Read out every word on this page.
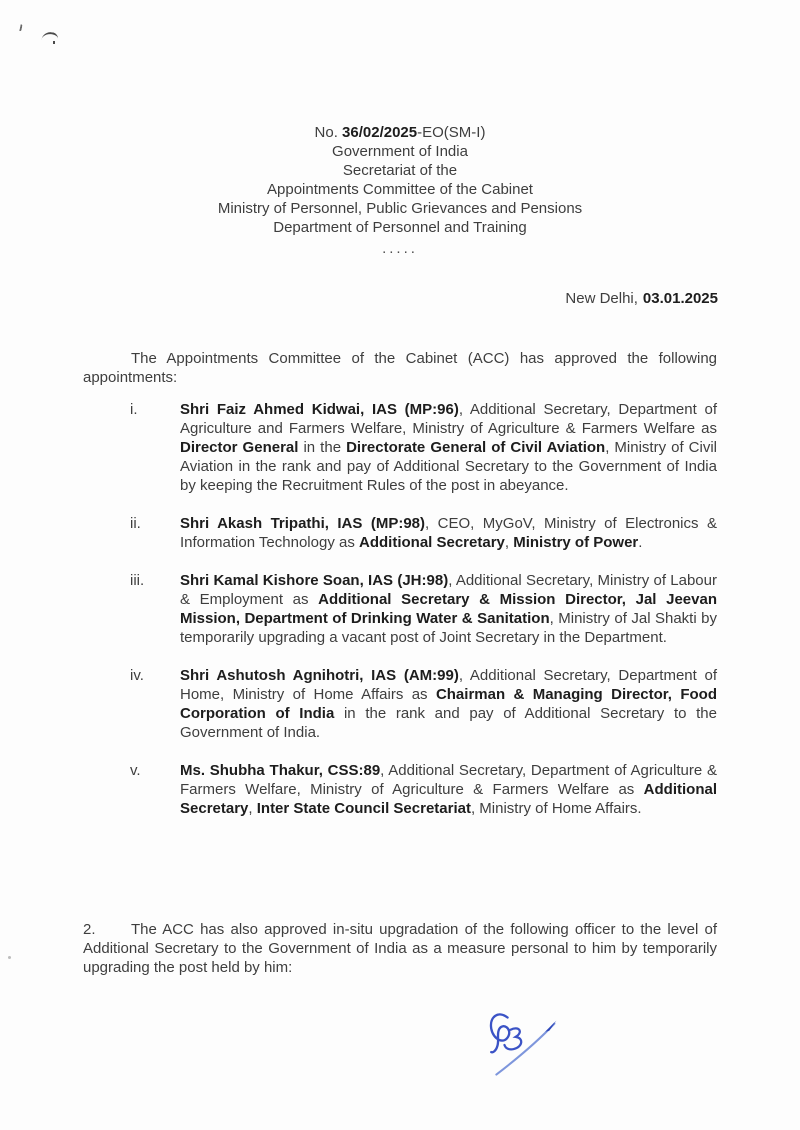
No. 36/02/2025-EO(SM-I)
Government of India
Secretariat of the
Appointments Committee of the Cabinet
Ministry of Personnel, Public Grievances and Pensions
Department of Personnel and Training
.....
New Delhi, 03.01.2025

The Appointments Committee of the Cabinet (ACC) has approved the following appointments:

i.	Shri Faiz Ahmed Kidwai, IAS (MP:96), Additional Secretary, Department of Agriculture and Farmers Welfare, Ministry of Agriculture & Farmers Welfare as Director General in the Directorate General of Civil Aviation, Ministry of Civil Aviation in the rank and pay of Additional Secretary to the Government of India by keeping the Recruitment Rules of the post in abeyance.
ii.	Shri Akash Tripathi, IAS (MP:98), CEO, MyGoV, Ministry of Electronics & Information Technology as Additional Secretary, Ministry of Power.
iii.	Shri Kamal Kishore Soan, IAS (JH:98), Additional Secretary, Ministry of Labour & Employment as Additional Secretary & Mission Director, Jal Jeevan Mission, Department of Drinking Water & Sanitation, Ministry of Jal Shakti by temporarily upgrading a vacant post of Joint Secretary in the Department.
iv.	Shri Ashutosh Agnihotri, IAS (AM:99), Additional Secretary, Department of Home, Ministry of Home Affairs as Chairman & Managing Director, Food Corporation of India in the rank and pay of Additional Secretary to the Government of India.
v.	Ms. Shubha Thakur, CSS:89, Additional Secretary, Department of Agriculture & Farmers Welfare, Ministry of Agriculture & Farmers Welfare as Additional Secretary, Inter State Council Secretariat, Ministry of Home Affairs.

2. The ACC has also approved in-situ upgradation of the following officer to the level of Additional Secretary to the Government of India as a measure personal to him by temporarily upgrading the post held by him:
